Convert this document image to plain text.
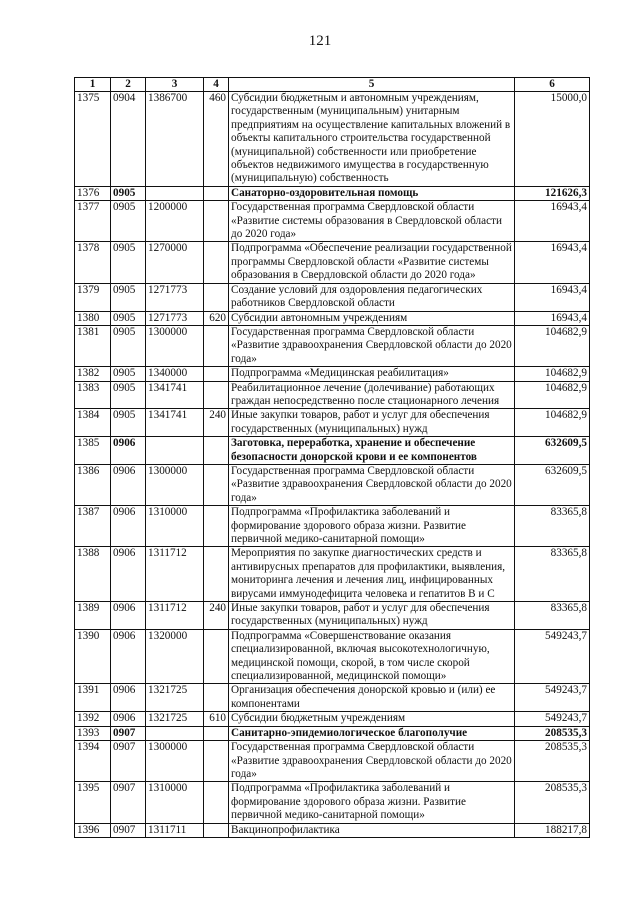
121
1	2	3	4	5	6
1375	0904	1386700	460	Субсидии бюджетным и автономным учреждениям, государственным (муниципальным) унитарным предприятиям на осуществление капитальных вложений в объекты капитального строительства государственной (муниципальной) собственности или приобретение объектов недвижимого имущества в государственную (муниципальную) собственность	15000,0
1376	0905			Санаторно-оздоровительная помощь	121626,3
1377	0905	1200000		Государственная программа Свердловской области «Развитие системы образования в Свердловской области до 2020 года»	16943,4
1378	0905	1270000		Подпрограмма «Обеспечение реализации государственной программы Свердловской области «Развитие системы образования в Свердловской области до 2020 года»	16943,4
1379	0905	1271773		Создание условий для оздоровления педагогических работников Свердловской области	16943,4
1380	0905	1271773	620	Субсидии автономным учреждениям	16943,4
1381	0905	1300000		Государственная программа Свердловской области «Развитие здравоохранения Свердловской области до 2020 года»	104682,9
1382	0905	1340000		Подпрограмма «Медицинская реабилитация»	104682,9
1383	0905	1341741		Реабилитационное лечение (долечивание) работающих граждан непосредственно после стационарного лечения	104682,9
1384	0905	1341741	240	Иные закупки товаров, работ и услуг для обеспечения государственных (муниципальных) нужд	104682,9
1385	0906			Заготовка, переработка, хранение и обеспечение безопасности донорской крови и ее компонентов	632609,5
1386	0906	1300000		Государственная программа Свердловской области «Развитие здравоохранения Свердловской области до 2020 года»	632609,5
1387	0906	1310000		Подпрограмма «Профилактика заболеваний и формирование здорового образа жизни. Развитие первичной медико-санитарной помощи»	83365,8
1388	0906	1311712		Мероприятия по закупке диагностических средств и антивирусных препаратов для профилактики, выявления, мониторинга лечения и лечения лиц, инфицированных вирусами иммунодефицита человека и гепатитов В и С	83365,8
1389	0906	1311712	240	Иные закупки товаров, работ и услуг для обеспечения государственных (муниципальных) нужд	83365,8
1390	0906	1320000		Подпрограмма «Совершенствование оказания специализированной, включая высокотехнологичную, медицинской помощи, скорой, в том числе скорой специализированной, медицинской помощи»	549243,7
1391	0906	1321725		Организация обеспечения донорской кровью и (или) ее компонентами	549243,7
1392	0906	1321725	610	Субсидии бюджетным учреждениям	549243,7
1393	0907			Санитарно-эпидемиологическое благополучие	208535,3
1394	0907	1300000		Государственная программа Свердловской области «Развитие здравоохранения Свердловской области до 2020 года»	208535,3
1395	0907	1310000		Подпрограмма «Профилактика заболеваний и формирование здорового образа жизни. Развитие первичной медико-санитарной помощи»	208535,3
1396	0907	1311711		Вакцинопрофилактика	188217,8
